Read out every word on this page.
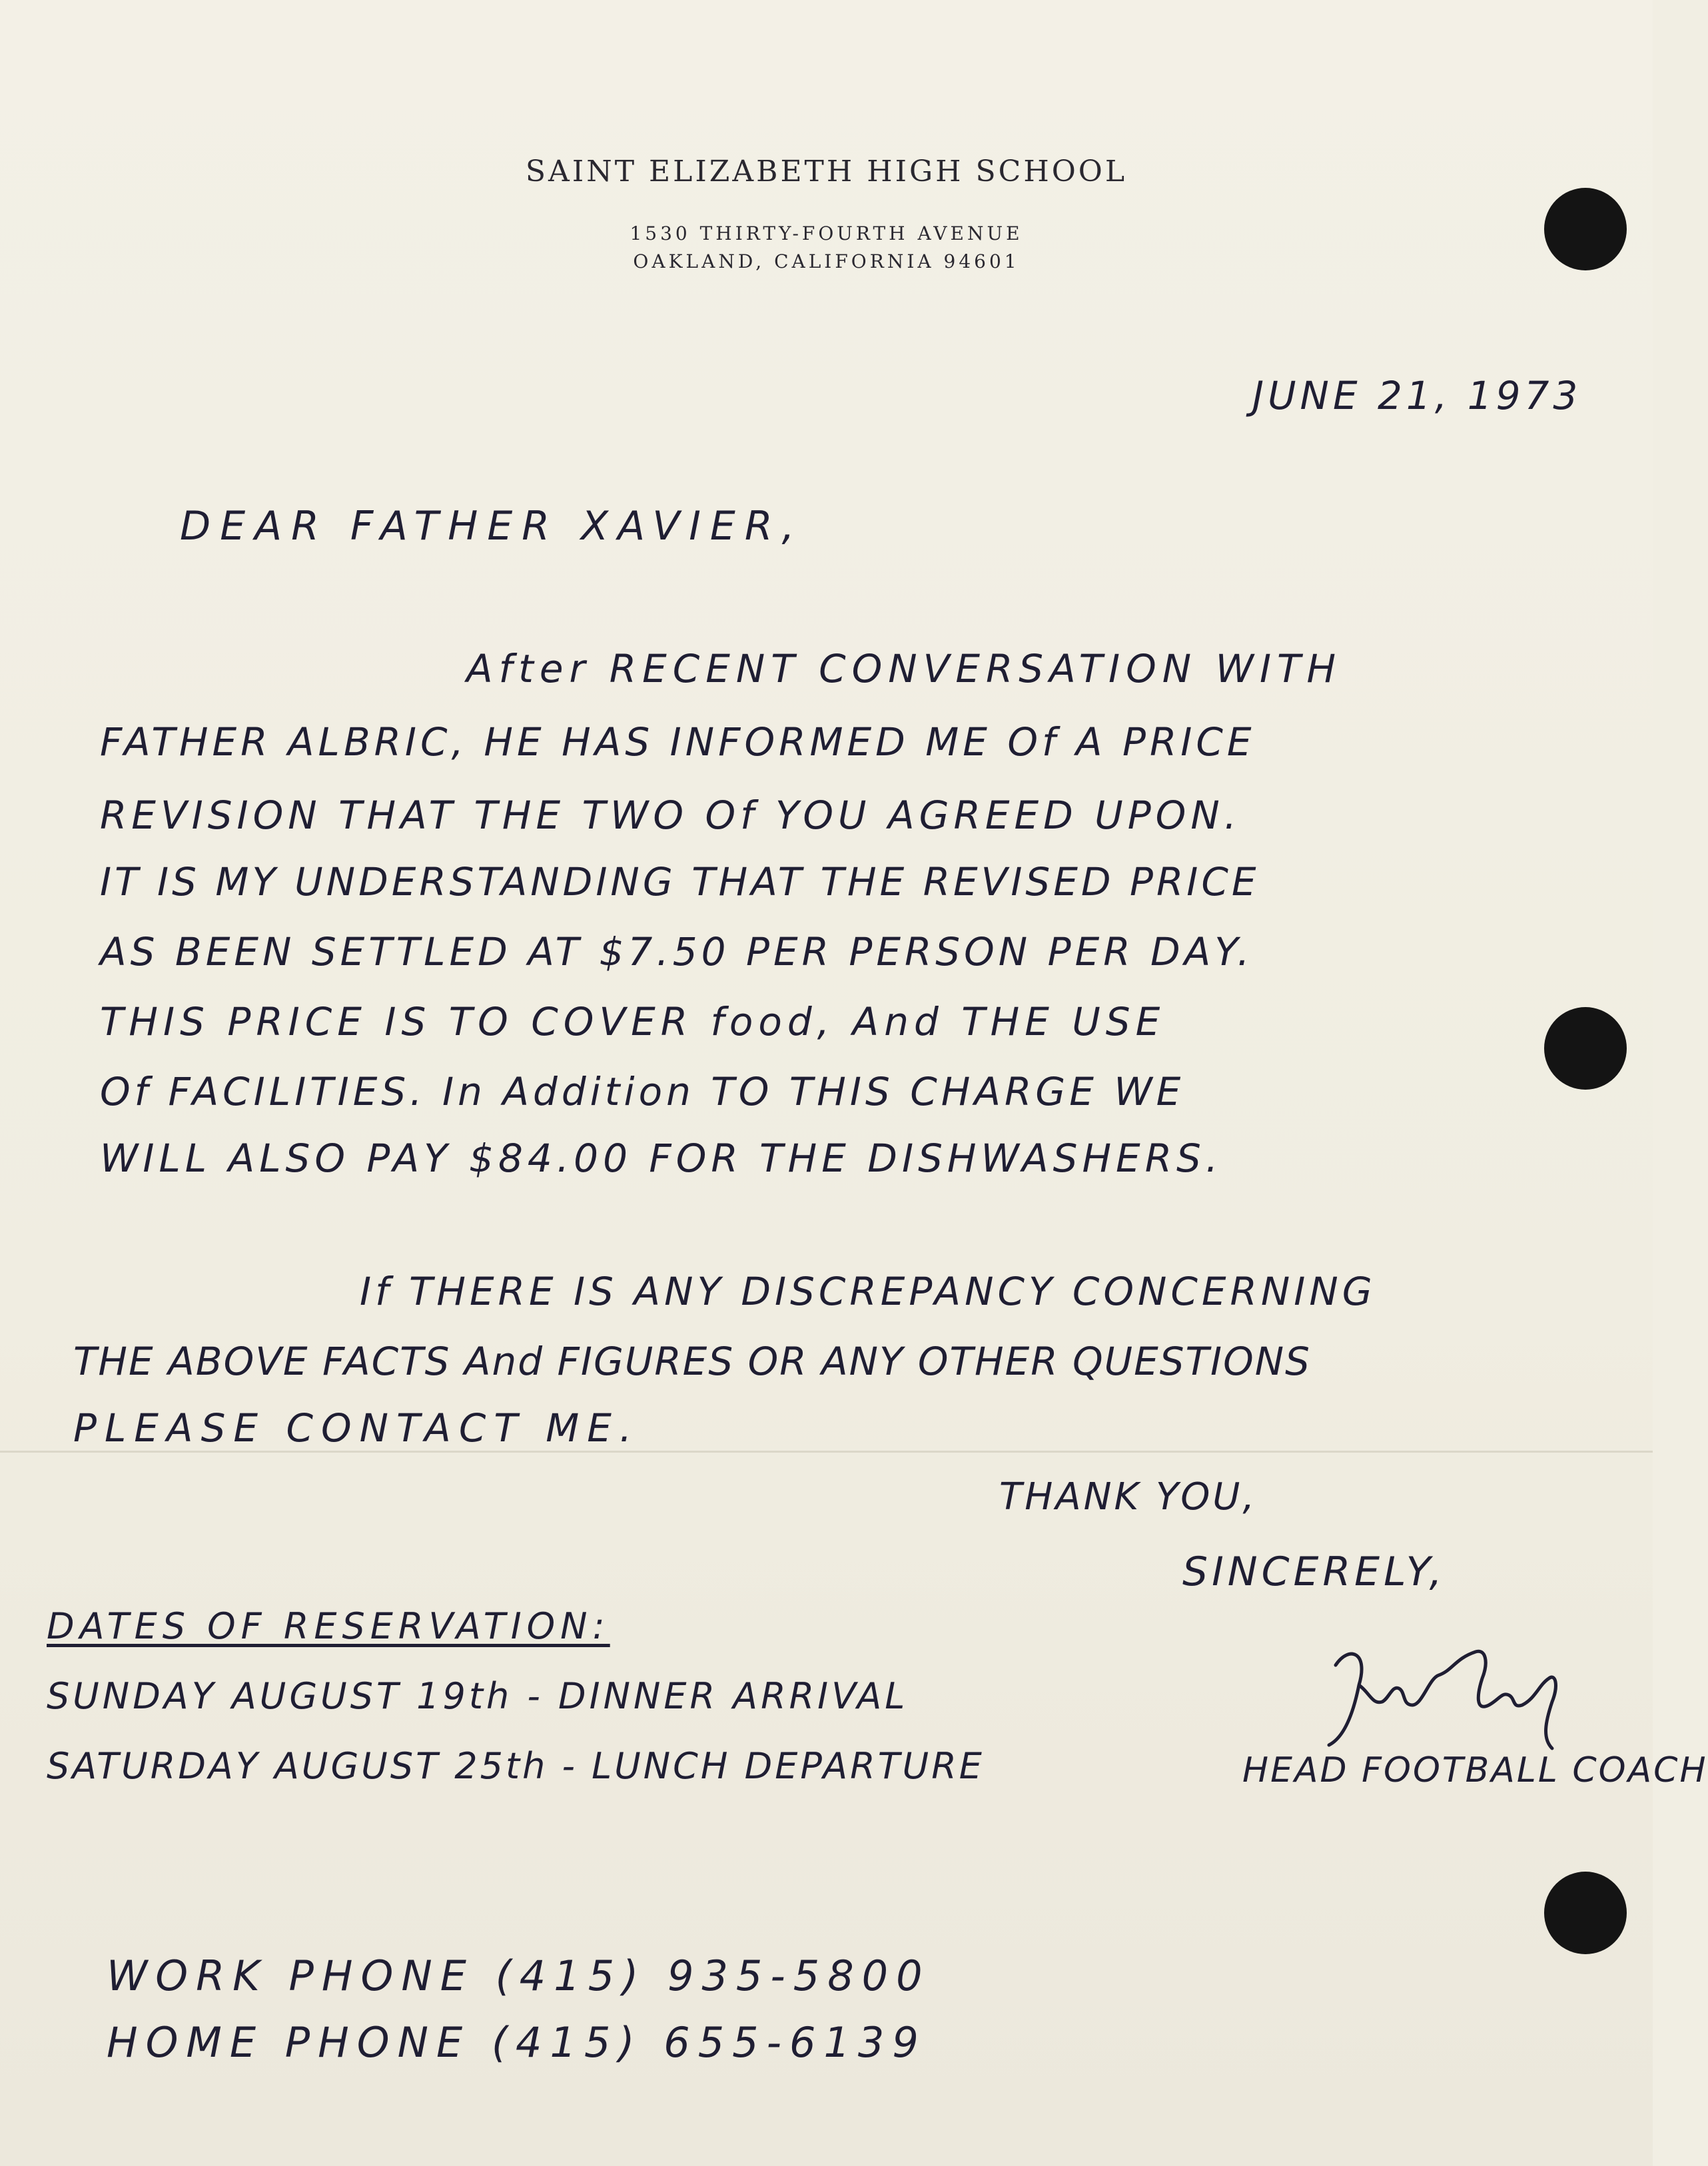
SAINT ELIZABETH HIGH SCHOOL
1530 THIRTY-FOURTH AVENUE
OAKLAND, CALIFORNIA 94601
JUNE 21, 1973
DEAR FATHER XAVIER,
After RECENT CONVERSATION WITH
FATHER ALBRIC, HE HAS INFORMED ME Of A PRICE
REVISION THAT THE TWO Of YOU AGREED UPON.
IT IS MY UNDERSTANDING THAT THE REVISED PRICE
AS BEEN SETTLED AT $7.50 PER PERSON PER DAY.
THIS PRICE IS TO COVER food, And THE USE
Of FACILITIES. In Addition TO THIS CHARGE WE
WILL ALSO PAY $84.00 FOR THE DISHWASHERS.
If THERE IS ANY DISCREPANCY CONCERNING
THE ABOVE FACTS And FIGURES OR ANY OTHER QUESTIONS
PLEASE CONTACT ME.
THANK YOU,
SINCERELY,
DATES OF RESERVATION:
SUNDAY AUGUST 19th - DINNER ARRIVAL
SATURDAY AUGUST 25th - LUNCH DEPARTURE	HEAD FOOTBALL COACH
WORK PHONE (415) 935-5800
HOME PHONE (415) 655-6139
